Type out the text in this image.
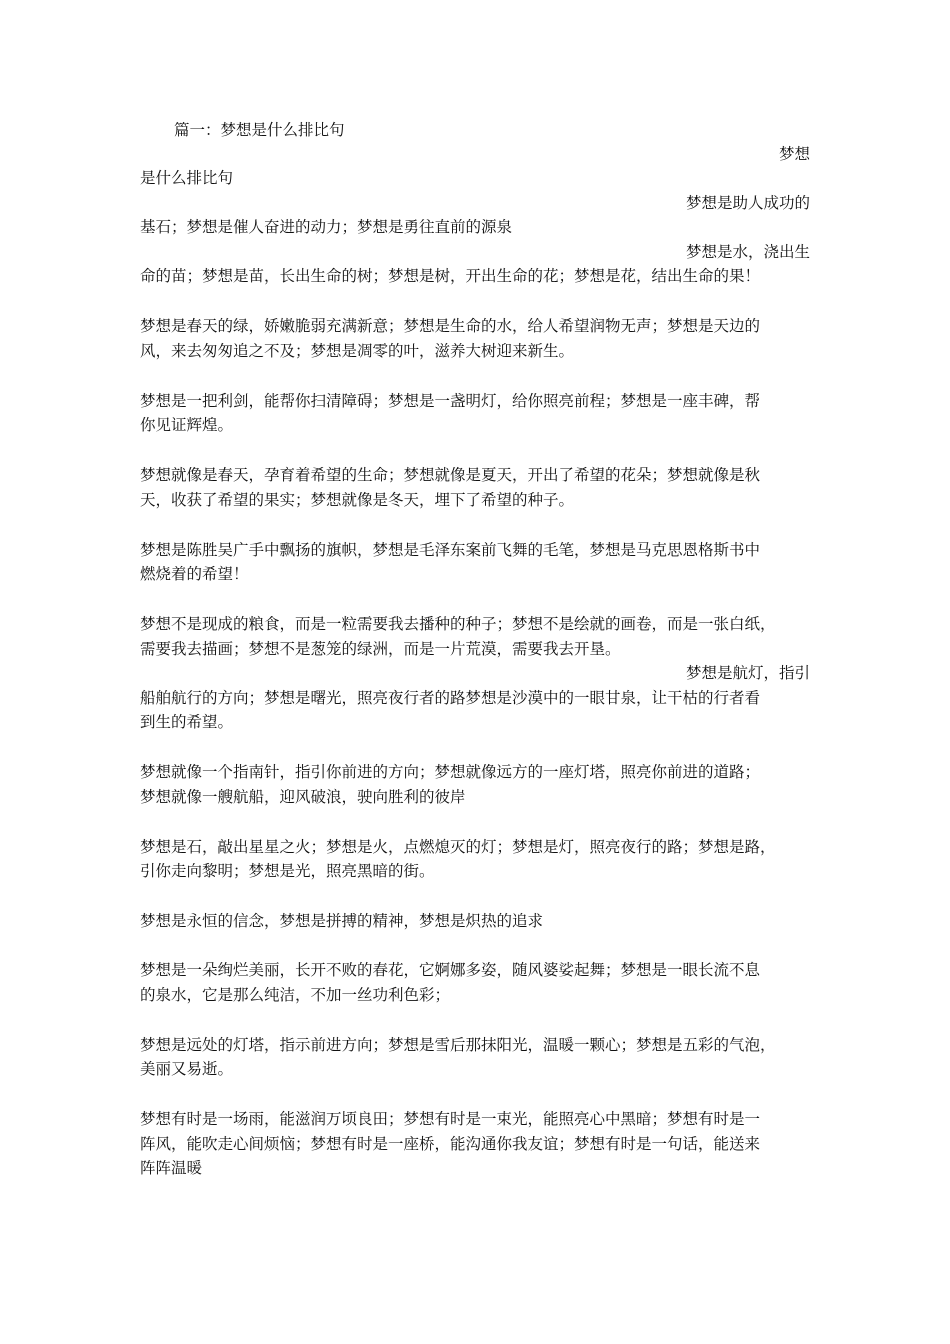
篇一：梦想是什么排比句
梦想
是什么排比句
梦想是助人成功的
基石；梦想是催人奋进的动力；梦想是勇往直前的源泉
梦想是水，浇出生
命的苗；梦想是苗，长出生命的树；梦想是树，开出生命的花；梦想是花，结出生命的果！
梦想是春天的绿，娇嫩脆弱充满新意；梦想是生命的水，给人希望润物无声；梦想是天边的
风，来去匆匆追之不及；梦想是凋零的叶，滋养大树迎来新生。
梦想是一把利剑，能帮你扫清障碍；梦想是一盏明灯，给你照亮前程；梦想是一座丰碑，帮
你见证辉煌。
梦想就像是春天，孕育着希望的生命；梦想就像是夏天，开出了希望的花朵；梦想就像是秋
天，收获了希望的果实；梦想就像是冬天，埋下了希望的种子。
梦想是陈胜吴广手中飘扬的旗帜，梦想是毛泽东案前飞舞的毛笔，梦想是马克思恩格斯书中
燃烧着的希望！
梦想不是现成的粮食，而是一粒需要我去播种的种子；梦想不是绘就的画卷，而是一张白纸，
需要我去描画；梦想不是葱笼的绿洲，而是一片荒漠，需要我去开垦。
梦想是航灯，指引
船舶航行的方向；梦想是曙光，照亮夜行者的路梦想是沙漠中的一眼甘泉，让干枯的行者看
到生的希望。
梦想就像一个指南针，指引你前进的方向；梦想就像远方的一座灯塔，照亮你前进的道路；
梦想就像一艘航船，迎风破浪，驶向胜利的彼岸
梦想是石，敲出星星之火；梦想是火，点燃熄灭的灯；梦想是灯，照亮夜行的路；梦想是路，
引你走向黎明；梦想是光，照亮黑暗的街。
梦想是永恒的信念，梦想是拼搏的精神，梦想是炽热的追求
梦想是一朵绚烂美丽，长开不败的春花，它婀娜多姿，随风婆娑起舞；梦想是一眼长流不息
的泉水，它是那么纯洁，不加一丝功利色彩；
梦想是远处的灯塔，指示前进方向；梦想是雪后那抹阳光，温暖一颗心；梦想是五彩的气泡，
美丽又易逝。
梦想有时是一场雨，能滋润万顷良田；梦想有时是一束光，能照亮心中黑暗；梦想有时是一
阵风，能吹走心间烦恼；梦想有时是一座桥，能沟通你我友谊；梦想有时是一句话，能送来
阵阵温暖
